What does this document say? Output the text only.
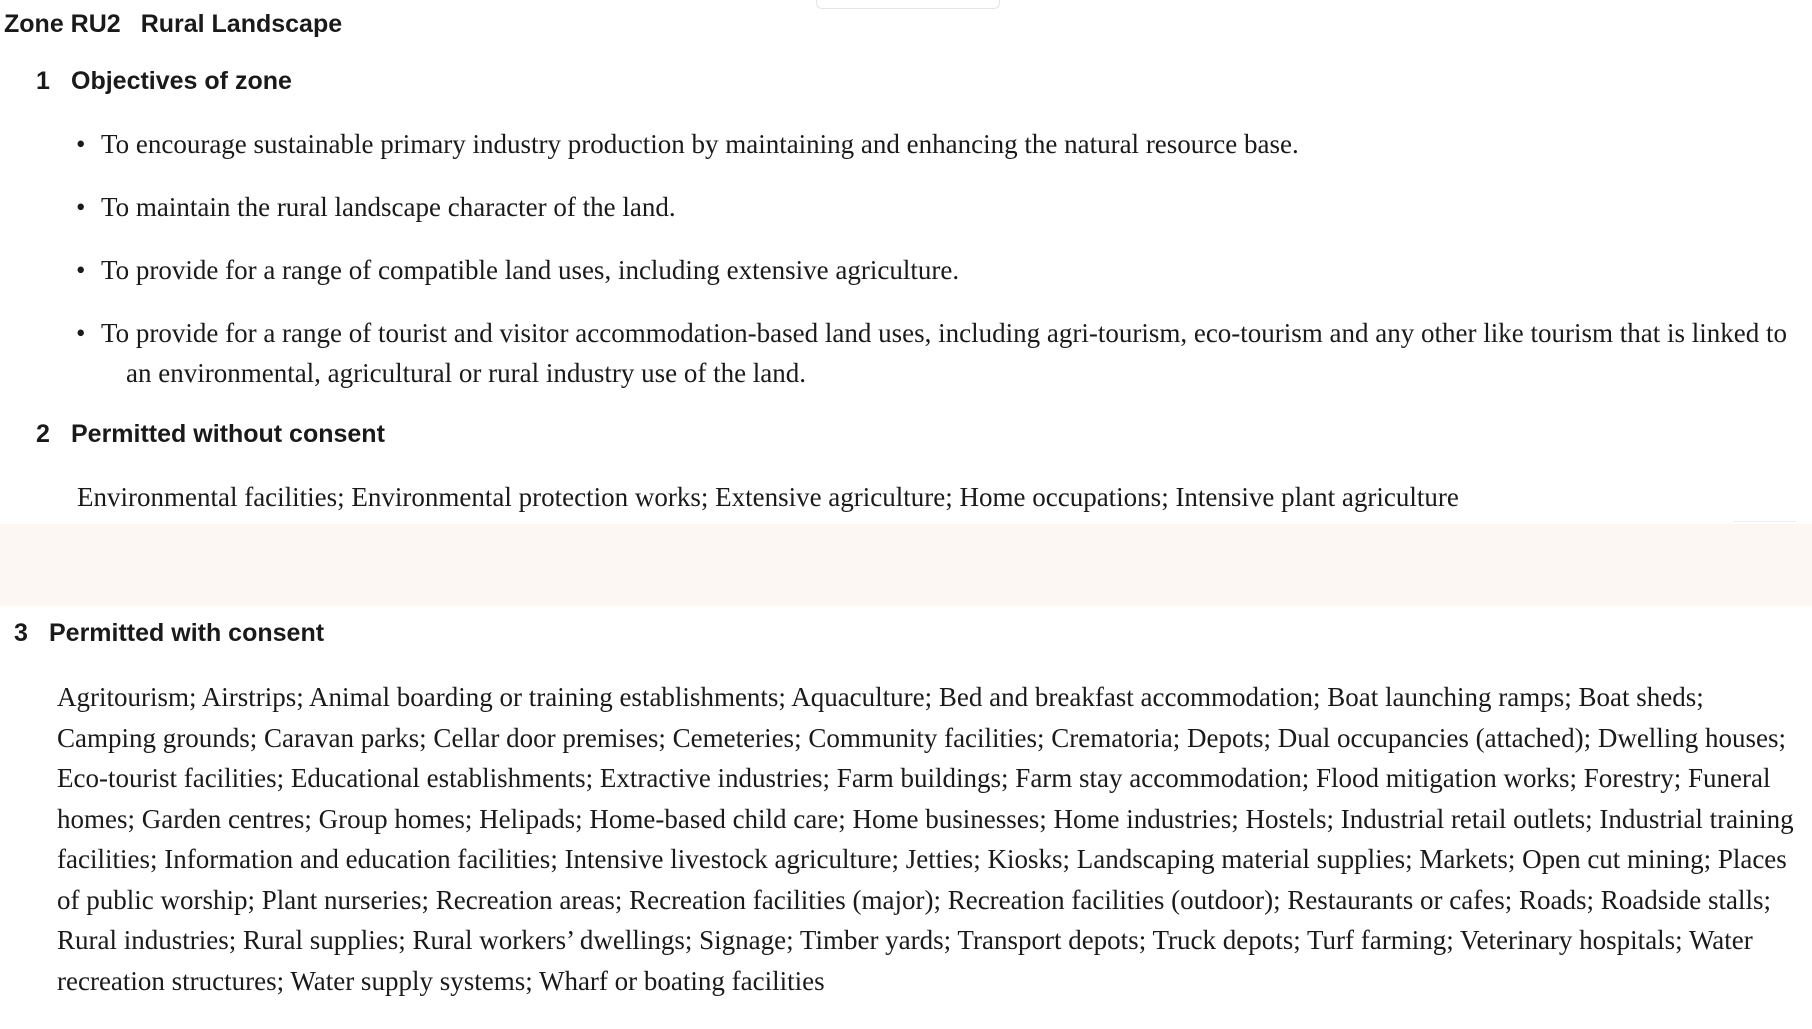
Zone RU2 Rural Landscape
1 Objectives of zone
• To encourage sustainable primary industry production by maintaining and enhancing the natural resource base.
• To maintain the rural landscape character of the land.
• To provide for a range of compatible land uses, including extensive agriculture.
• To provide for a range of tourist and visitor accommodation-based land uses, including agri-tourism, eco-tourism and any other like tourism that is linked to an environmental, agricultural or rural industry use of the land.
2 Permitted without consent
Environmental facilities; Environmental protection works; Extensive agriculture; Home occupations; Intensive plant agriculture
3 Permitted with consent
Agritourism; Airstrips; Animal boarding or training establishments; Aquaculture; Bed and breakfast accommodation; Boat launching ramps; Boat sheds; Camping grounds; Caravan parks; Cellar door premises; Cemeteries; Community facilities; Crematoria; Depots; Dual occupancies (attached); Dwelling houses; Eco-tourist facilities; Educational establishments; Extractive industries; Farm buildings; Farm stay accommodation; Flood mitigation works; Forestry; Funeral homes; Garden centres; Group homes; Helipads; Home-based child care; Home businesses; Home industries; Hostels; Industrial retail outlets; Industrial training facilities; Information and education facilities; Intensive livestock agriculture; Jetties; Kiosks; Landscaping material supplies; Markets; Open cut mining; Places of public worship; Plant nurseries; Recreation areas; Recreation facilities (major); Recreation facilities (outdoor); Restaurants or cafes; Roads; Roadside stalls; Rural industries; Rural supplies; Rural workers’ dwellings; Signage; Timber yards; Transport depots; Truck depots; Turf farming; Veterinary hospitals; Water recreation structures; Water supply systems; Wharf or boating facilities
